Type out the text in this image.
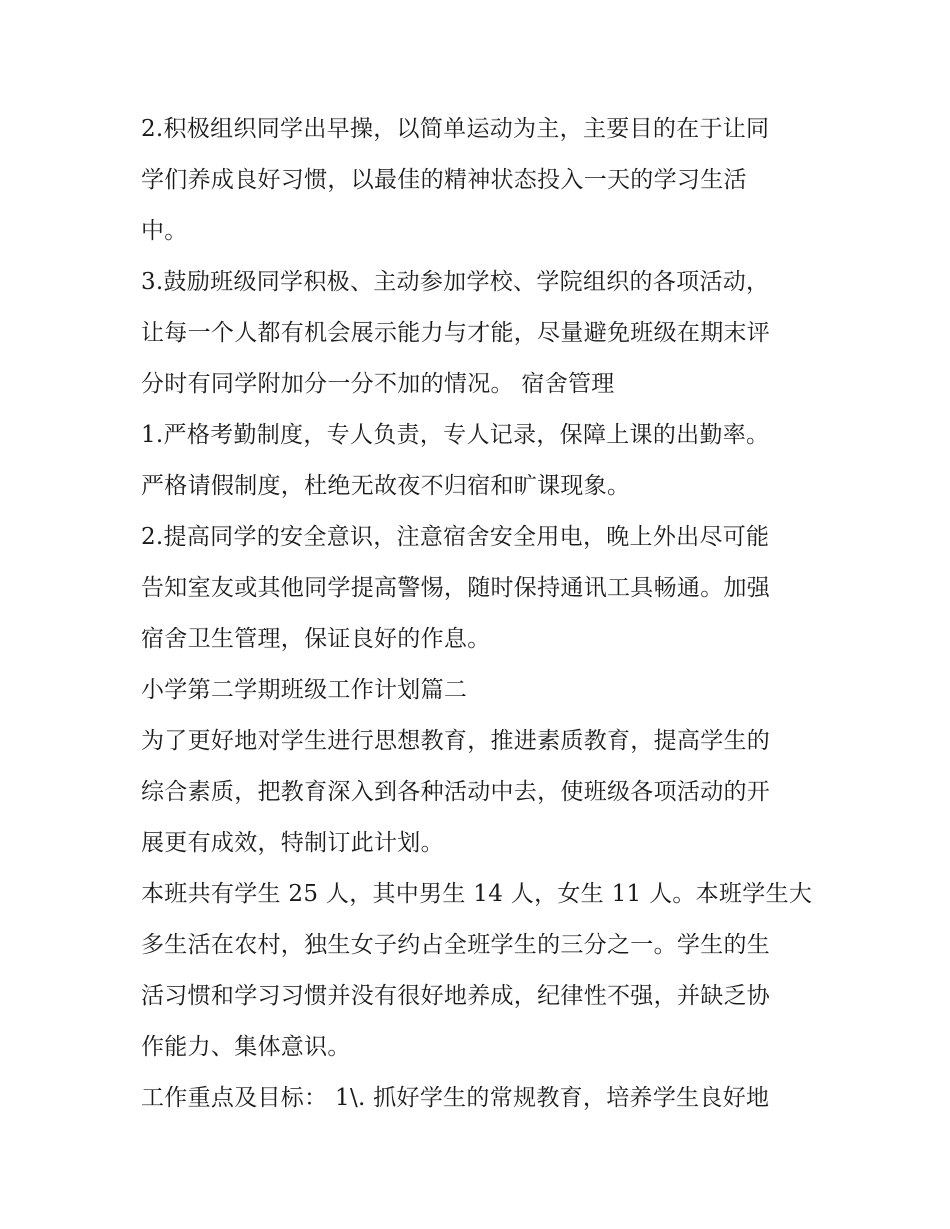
2.积极组织同学出早操，以简单运动为主，主要目的在于让同
学们养成良好习惯，以最佳的精神状态投入一天的学习生活
中。
3.鼓励班级同学积极、主动参加学校、学院组织的各项活动，
让每一个人都有机会展示能力与才能，尽量避免班级在期末评
分时有同学附加分一分不加的情况。 宿舍管理
1.严格考勤制度，专人负责，专人记录，保障上课的出勤率。
严格请假制度，杜绝无故夜不归宿和旷课现象。
2.提高同学的安全意识，注意宿舍安全用电，晚上外出尽可能
告知室友或其他同学提高警惕，随时保持通讯工具畅通。加强
宿舍卫生管理，保证良好的作息。
小学第二学期班级工作计划篇二
为了更好地对学生进行思想教育，推进素质教育，提高学生的
综合素质，把教育深入到各种活动中去，使班级各项活动的开
展更有成效，特制订此计划。
本班共有学生 25 人，其中男生 14 人，女生 11 人。本班学生大
多生活在农村，独生女子约占全班学生的三分之一。学生的生
活习惯和学习习惯并没有很好地养成，纪律性不强，并缺乏协
作能力、集体意识。
工作重点及目标： 1\. 抓好学生的常规教育，培养学生良好地
